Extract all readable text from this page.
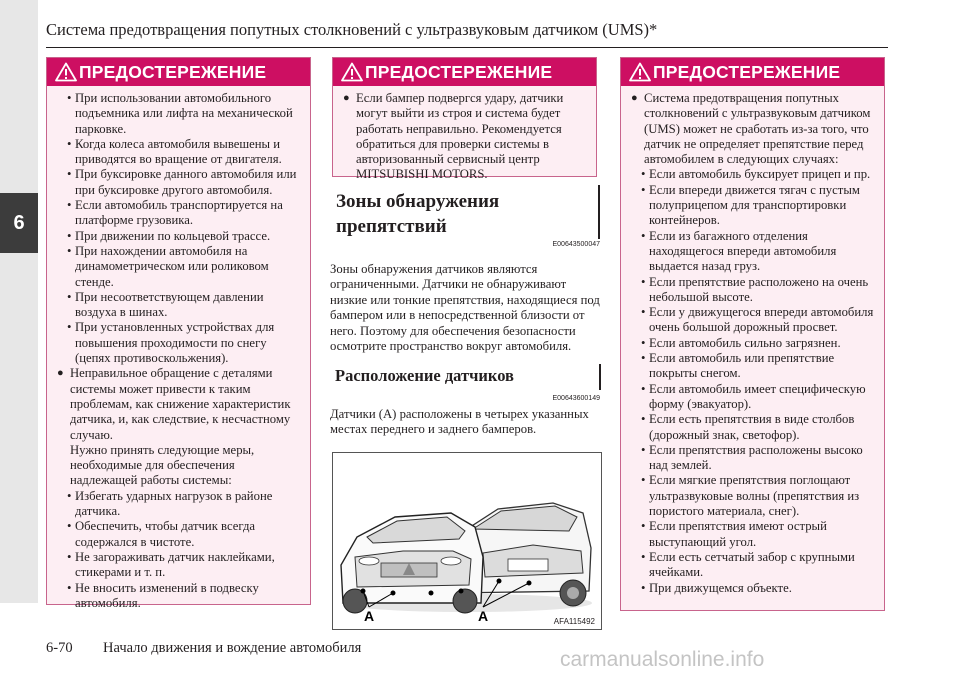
6
Система предотвращения попутных столкновений с ультразвуковым датчиком (UMS)*
ПРЕДОСТЕРЕЖЕНИЕ

• При использовании автомобильного подъемника или лифта на механической парковке.

• Когда колеса автомобиля вывешены и приводятся во вращение от двигателя.

• При буксировке данного автомобиля или при буксировке другого автомобиля.

• Если автомобиль транспортируется на платформе грузовика.

• При движении по кольцевой трассе.

• При нахождении автомобиля на динамометрическом или роликовом стенде.

• При несоответствующем давлении воздуха в шинах.

• При установленных устройствах для повышения проходимости по снегу (цепях противоскольжения).

● Неправильное обращение с деталями системы может привести к таким проблемам, как снижение характеристик датчика, и, как следствие, к несчастному случаю.

Нужно принять следующие меры, необходимые для обеспечения надлежащей работы системы:

• Избегать ударных нагрузок в районе датчика.

• Обеспечить, чтобы датчик всегда содержался в чистоте.

• Не загораживать датчик наклейками, стикерами и т. п.

• Не вносить изменений в подвеску автомобиля.

ПРЕДОСТЕРЕЖЕНИЕ

● Если бампер подвергся удару, датчики могут выйти из строя и система будет работать неправильно. Рекомендуется обратиться для проверки системы в авторизованный сервисный центр MITSUBISHI MOTORS.

Зоны обнаружения препятствий
E00643500047
Зоны обнаружения датчиков являются ограниченными. Датчики не обнаруживают низкие или тонкие препятствия, находящиеся под бампером или в непосредственной близости от него. Поэтому для обеспечения безопасности осмотрите пространство вокруг автомобиля.
Расположение датчиков
E00643600149
Датчики (A) расположены в четырех указанных местах переднего и заднего бамперов.
A	A	AFA115492
ПРЕДОСТЕРЕЖЕНИЕ

● Система предотвращения попутных столкновений с ультразвуковым датчиком (UMS) может не сработать из-за того, что датчик не определяет препятствие перед автомобилем в следующих случаях:

• Если автомобиль буксирует прицеп и пр.

• Если впереди движется тягач с пустым полуприцепом для транспортировки контейнеров.

• Если из багажного отделения находящегося впереди автомобиля выдается назад груз.

• Если препятствие расположено на очень небольшой высоте.

• Если у движущегося впереди автомобиля очень большой дорожный просвет.

• Если автомобиль сильно загрязнен.

• Если автомобиль или препятствие покрыты снегом.

• Если автомобиль имеет специфическую форму (эвакуатор).

• Если есть препятствия в виде столбов (дорожный знак, светофор).

• Если препятствия расположены высоко над землей.

• Если мягкие препятствия поглощают ультразвуковые волны (препятствия из пористого материала, снег).

• Если препятствия имеют острый выступающий угол.

• Если есть сетчатый забор с крупными ячейками.

• При движущемся объекте.

6-70 Начало движения и вождение автомобиля	carmanualsonline.info
